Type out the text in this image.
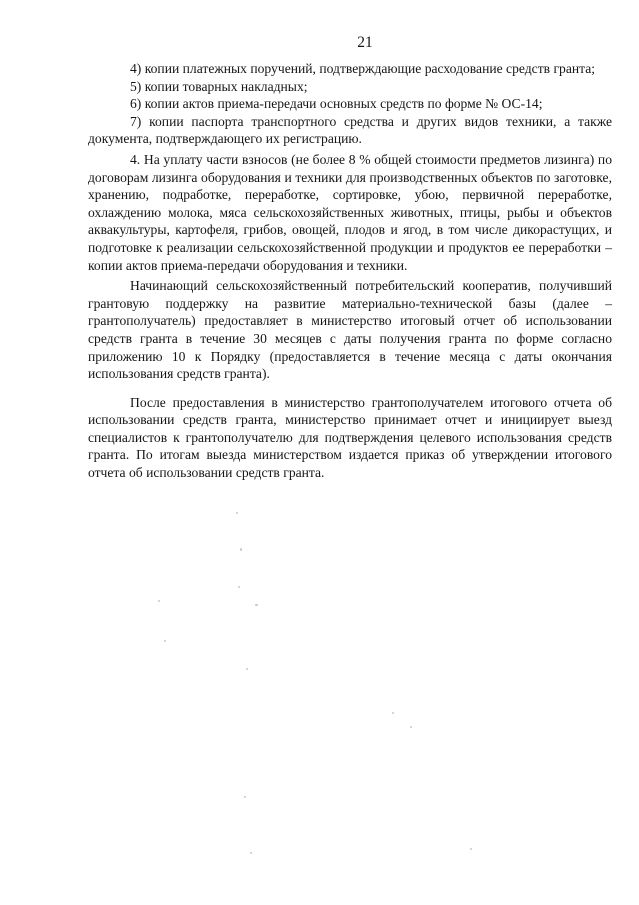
21

4) копии платежных поручений, подтверждающие расходование средств гранта;

5) копии товарных накладных;

6) копии актов приема-передачи основных средств по форме № ОС-14;

7) копии паспорта транспортного средства и других видов техники, а также документа, подтверждающего их регистрацию.

4. На уплату части взносов (не более 8 % общей стоимости предметов лизинга) по договорам лизинга оборудования и техники для производственных объектов по заготовке, хранению, подработке, переработке, сортировке, убою, первичной переработке, охлаждению молока, мяса сельскохозяйственных животных, птицы, рыбы и объектов аквакультуры, картофеля, грибов, овощей, плодов и ягод, в том числе дикорастущих, и подготовке к реализации сельскохозяйственной продукции и продуктов ее переработки – копии актов приема-передачи оборудования и техники.

Начинающий сельскохозяйственный потребительский кооператив, получивший грантовую поддержку на развитие материально-технической базы (далее – грантополучатель) предоставляет в министерство итоговый отчет об использовании средств гранта в течение 30 месяцев с даты получения гранта по форме согласно приложению 10 к Порядку (предоставляется в течение месяца с даты окончания использования средств гранта).

После предоставления в министерство грантополучателем итогового отчета об использовании средств гранта, министерство принимает отчет и инициирует выезд специалистов к грантополучателю для подтверждения целевого использования средств гранта. По итогам выезда министерством издается приказ об утверждении итогового отчета об использовании средств гранта.
